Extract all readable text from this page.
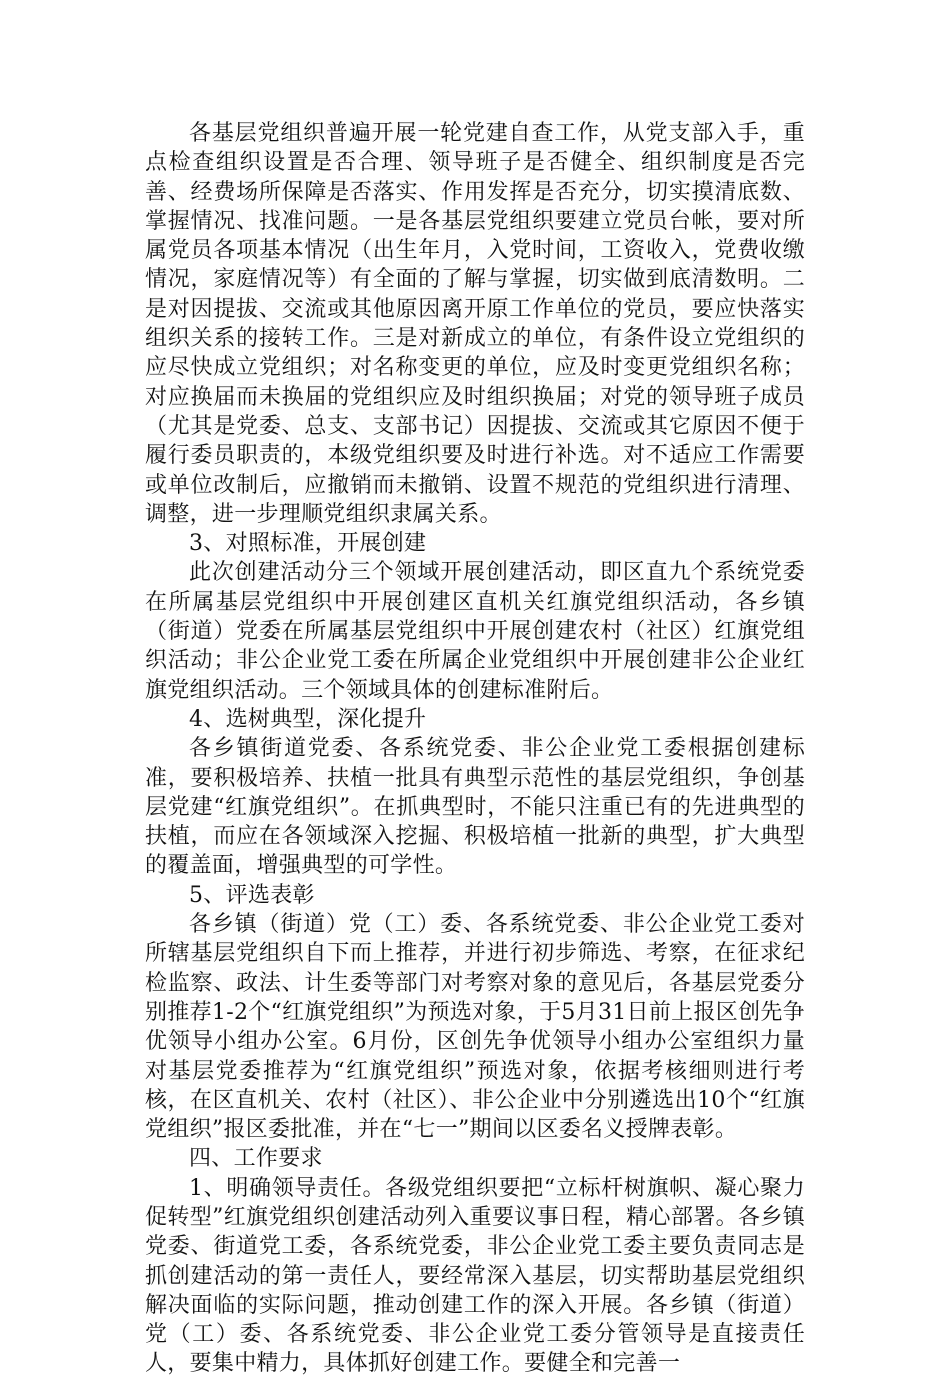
各基层党组织普遍开展一轮党建自查工作，从党支部入手，重点检查组织设置是否合理、领导班子是否健全、组织制度是否完善、经费场所保障是否落实、作用发挥是否充分，切实摸清底数、掌握情况、找准问题。一是各基层党组织要建立党员台帐，要对所属党员各项基本情况（出生年月，入党时间，工资收入，党费收缴情况，家庭情况等）有全面的了解与掌握，切实做到底清数明。二是对因提拔、交流或其他原因离开原工作单位的党员，要应快落实组织关系的接转工作。三是对新成立的单位，有条件设立党组织的应尽快成立党组织；对名称变更的单位，应及时变更党组织名称；对应换届而未换届的党组织应及时组织换届；对党的领导班子成员（尤其是党委、总支、支部书记）因提拔、交流或其它原因不便于履行委员职责的，本级党组织要及时进行补选。对不适应工作需要或单位改制后，应撤销而未撤销、设置不规范的党组织进行清理、调整，进一步理顺党组织隶属关系。

3、对照标准，开展创建

此次创建活动分三个领域开展创建活动，即区直九个系统党委在所属基层党组织中开展创建区直机关红旗党组织活动，各乡镇（街道）党委在所属基层党组织中开展创建农村（社区）红旗党组织活动；非公企业党工委在所属企业党组织中开展创建非公企业红旗党组织活动。三个领域具体的创建标准附后。

4、选树典型，深化提升

各乡镇街道党委、各系统党委、非公企业党工委根据创建标准，要积极培养、扶植一批具有典型示范性的基层党组织，争创基层党建“红旗党组织”。在抓典型时，不能只注重已有的先进典型的扶植，而应在各领域深入挖掘、积极培植一批新的典型，扩大典型的覆盖面，增强典型的可学性。

5、评选表彰

各乡镇（街道）党（工）委、各系统党委、非公企业党工委对所辖基层党组织自下而上推荐，并进行初步筛选、考察，在征求纪检监察、政法、计生委等部门对考察对象的意见后，各基层党委分别推荐1-2个“红旗党组织”为预选对象，于5月31日前上报区创先争优领导小组办公室。6月份，区创先争优领导小组办公室组织力量对基层党委推荐为“红旗党组织”预选对象，依据考核细则进行考核，在区直机关、农村（社区）、非公企业中分别遴选出10个“红旗党组织”报区委批准，并在“七一”期间以区委名义授牌表彰。

四、工作要求

1、明确领导责任。各级党组织要把“立标杆树旗帜、凝心聚力促转型”红旗党组织创建活动列入重要议事日程，精心部署。各乡镇党委、街道党工委，各系统党委，非公企业党工委主要负责同志是抓创建活动的第一责任人，要经常深入基层，切实帮助基层党组织解决面临的实际问题，推动创建工作的深入开展。各乡镇（街道）党（工）委、各系统党委、非公企业党工委分管领导是直接责任人，要集中精力，具体抓好创建工作。要健全和完善一
